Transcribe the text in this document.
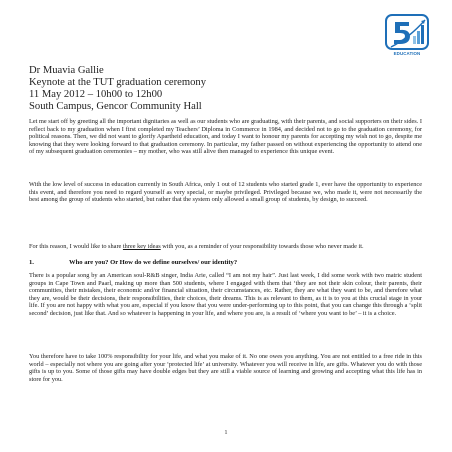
EDUCATION
Dr Muavia Gallie
Keynote at the TUT graduation ceremony
11 May 2012 – 10h00 to 12h00
South Campus, Gencor Community Hall

Let me start off by greeting all the important dignitaries as well as our students who are graduating, with their parents, and social supporters on their sides. I reflect back to my graduation when I first completed my Teachers’ Diploma in Commerce in 1984, and decided not to go to the graduation ceremony, for political reasons. Then, we did not want to glorify Apartheid education, and today I want to honour my parents for accepting my wish not to go, despite me knowing that they were looking forward to that graduation ceremony. In particular, my father passed on without experiencing the opportunity to attend one of my subsequent graduation ceremonies – my mother, who was still alive then managed to experience this unique event.

With the low level of success in education currently in South Africa, only 1 out of 12 students who started grade 1, ever have the opportunity to experience this event, and therefore you need to regard yourself as very special, or maybe privileged. Privileged because we, who made it, were not necessarily the best among the group of students who started, but rather that the system only allowed a small group of students, by design, to succeed.

For this reason, I would like to share three key ideas with you, as a reminder of your responsibility towards those who never made it.

1.	Who are you? Or How do we define ourselves/ our identity?

There is a popular song by an American soul-R&B singer, India Arie, called “I am not my hair”. Just last week, I did some work with two matric student groups in Cape Town and Paarl, making up more than 500 students, where I engaged with them that ‘they are not their skin colour, their parents, their communities, their mistakes, their economic and/or financial situation, their circumstances, etc. Rather, they are what they want to be, and therefore what they are, would be their decisions, their responsibilities, their choices, their dreams. This is as relevant to them, as it is to you at this crucial stage in your life. If you are not happy with what you are, especial if you know that you were under-performing up to this point, that you can change this through a ‘split second’ decision, just like that. And so whatever is happening in your life, and where you are, is a result of ‘where you want to be’ – it is a choice.

You therefore have to take 100% responsibility for your life, and what you make of it. No one owes you anything. You are not entitled to a free ride in this world – especially not where you are going after your ‘protected life’ at university. Whatever you will receive in life, are gifts. Whatever you do with those gifts is up to you. Some of those gifts may have double edges but they are still a viable source of learning and growing and accepting what this life has in store for you.

1
